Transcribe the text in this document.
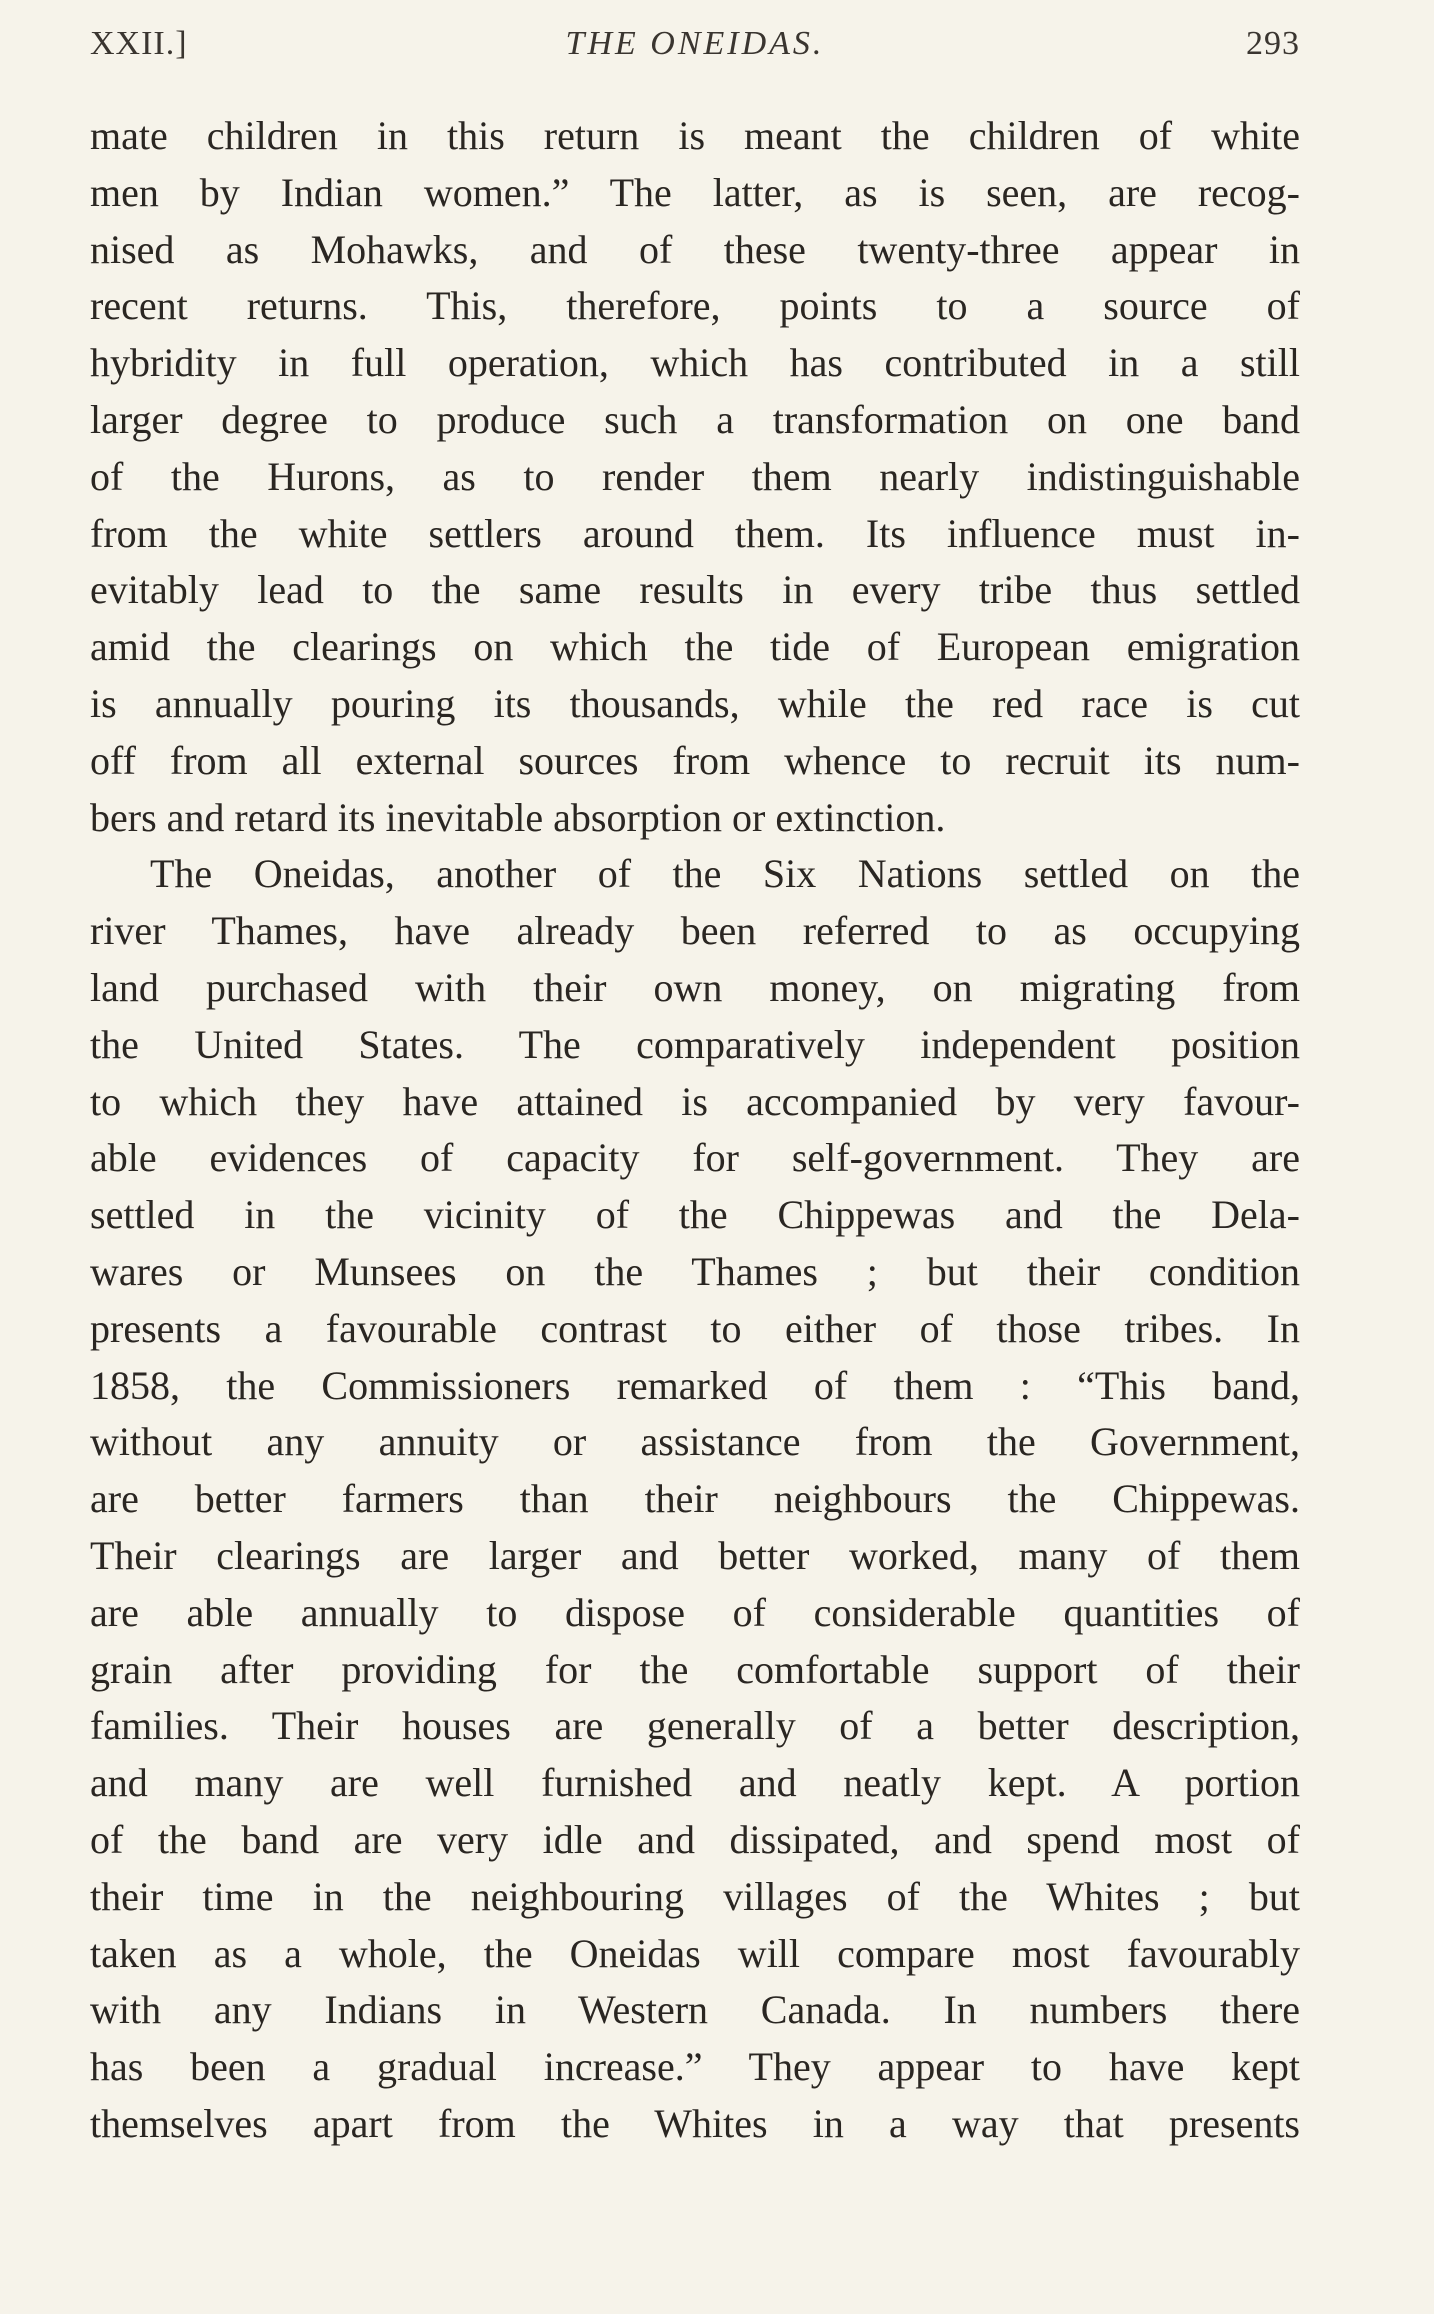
XXII.]	THE ONEIDAS.	293
mate children in this return is meant the children of white
men by Indian women.” The latter, as is seen, are recog-
nised as Mohawks, and of these twenty-three appear in
recent returns. This, therefore, points to a source of
hybridity in full operation, which has contributed in a still
larger degree to produce such a transformation on one band
of the Hurons, as to render them nearly indistinguishable
from the white settlers around them. Its influence must in-
evitably lead to the same results in every tribe thus settled
amid the clearings on which the tide of European emigration
is annually pouring its thousands, while the red race is cut
off from all external sources from whence to recruit its num-
bers and retard its inevitable absorption or extinction.
The Oneidas, another of the Six Nations settled on the
river Thames, have already been referred to as occupying
land purchased with their own money, on migrating from
the United States. The comparatively independent position
to which they have attained is accompanied by very favour-
able evidences of capacity for self-government. They are
settled in the vicinity of the Chippewas and the Dela-
wares or Munsees on the Thames ; but their condition
presents a favourable contrast to either of those tribes. In
1858, the Commissioners remarked of them : “This band,
without any annuity or assistance from the Government,
are better farmers than their neighbours the Chippewas.
Their clearings are larger and better worked, many of them
are able annually to dispose of considerable quantities of
grain after providing for the comfortable support of their
families. Their houses are generally of a better description,
and many are well furnished and neatly kept. A portion
of the band are very idle and dissipated, and spend most of
their time in the neighbouring villages of the Whites ; but
taken as a whole, the Oneidas will compare most favourably
with any Indians in Western Canada. In numbers there
has been a gradual increase.” They appear to have kept
themselves apart from the Whites in a way that presents
